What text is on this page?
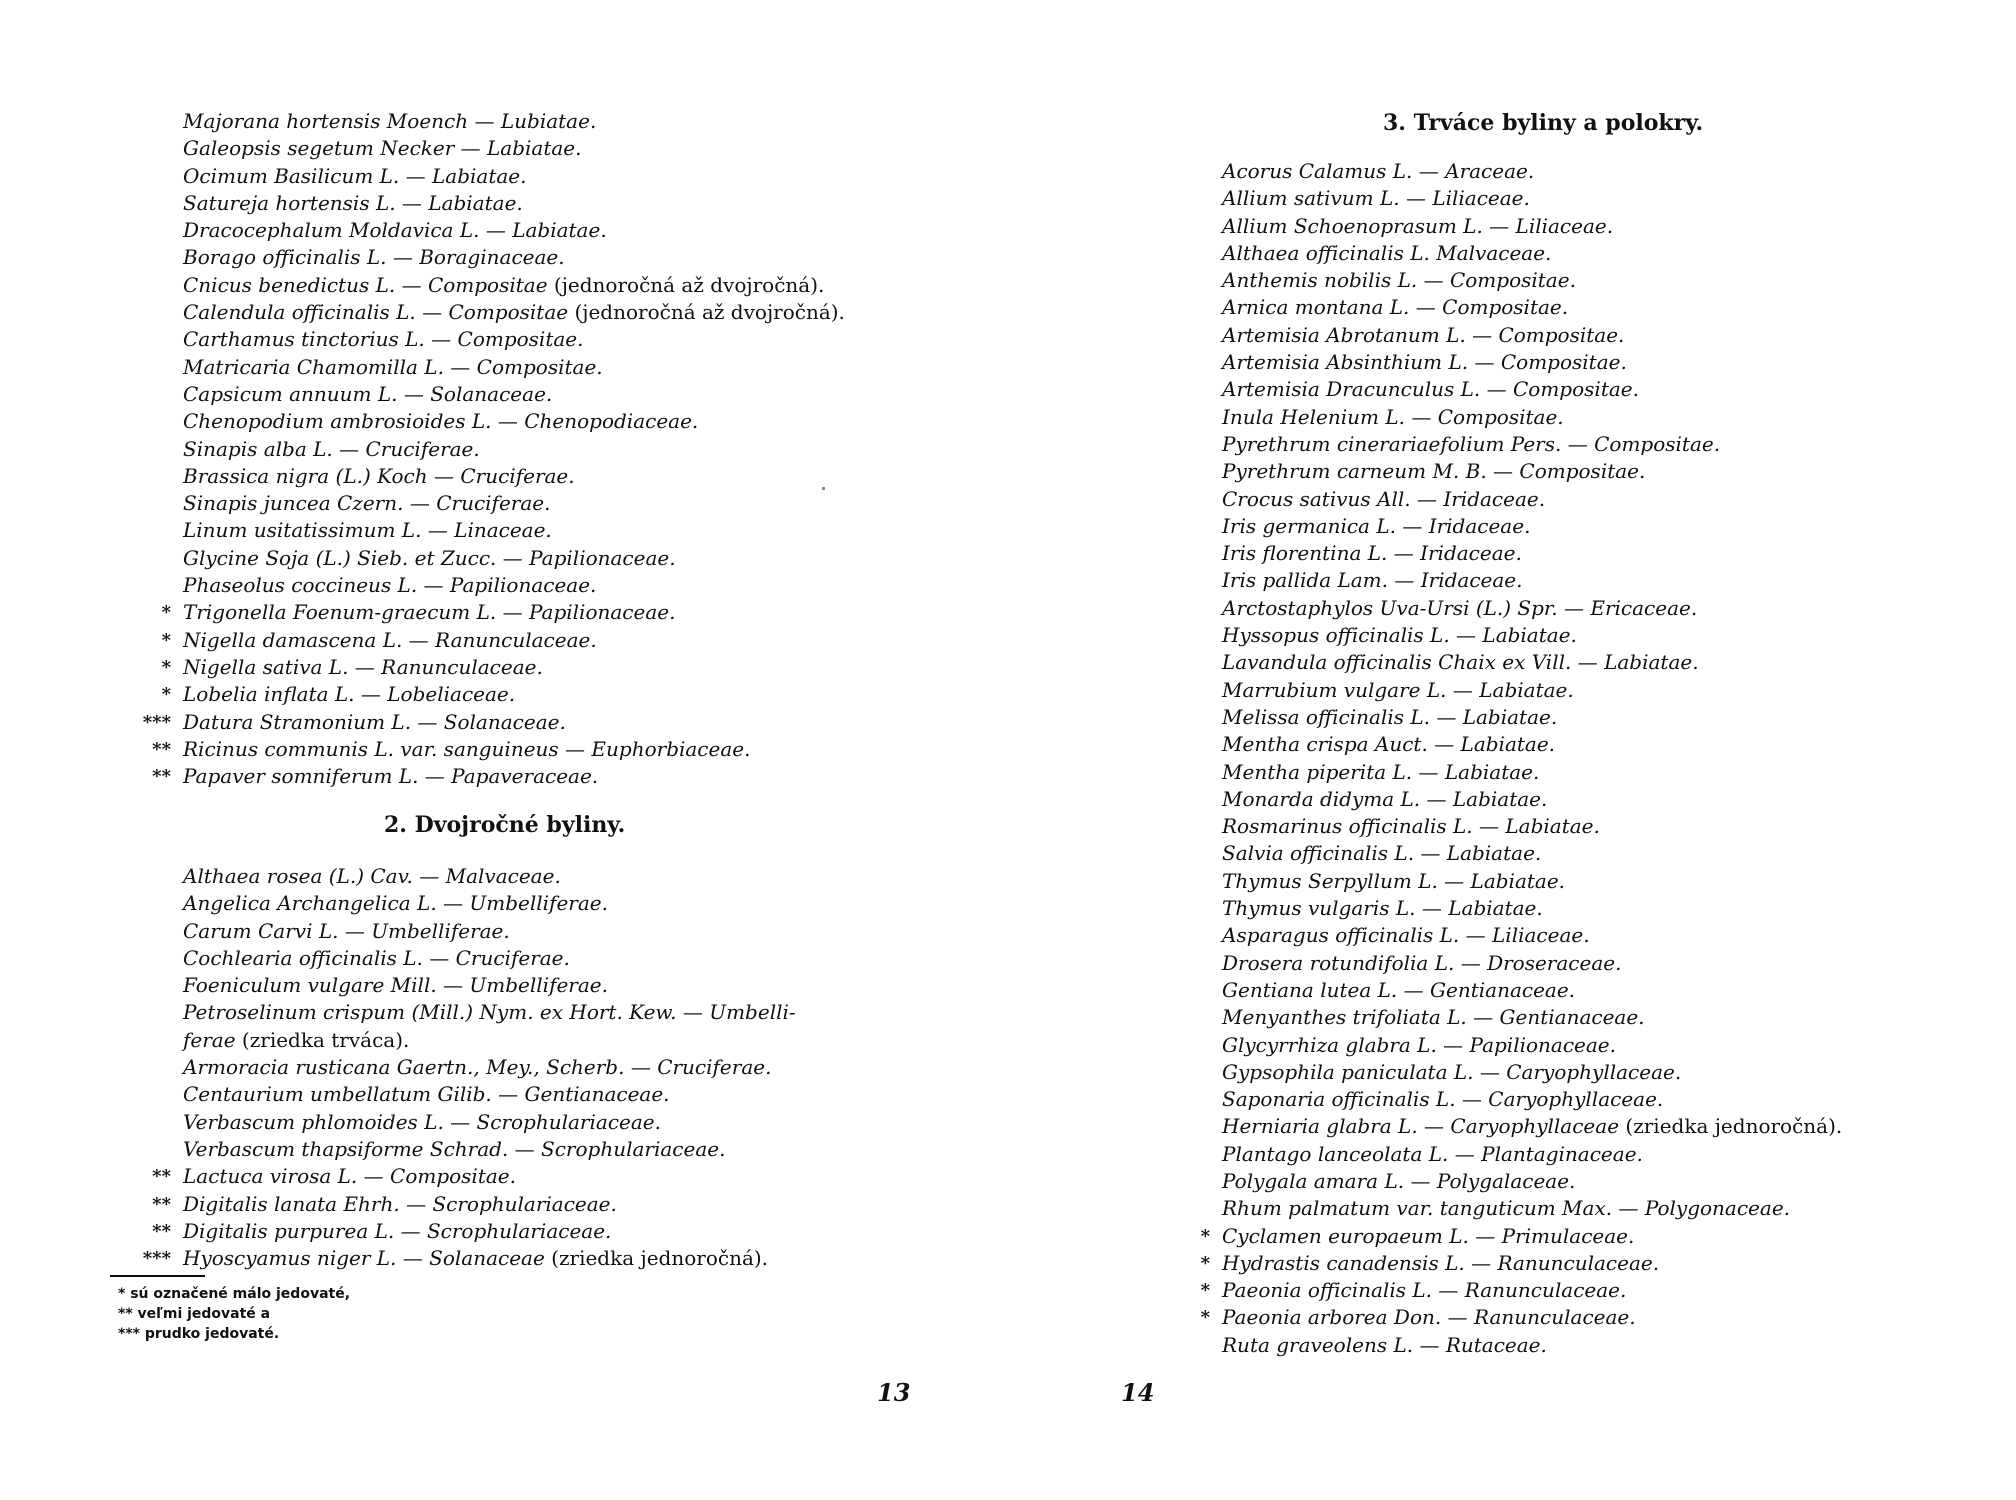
Majorana hortensis Moench — Lubiatae.
Galeopsis segetum Necker — Labiatae.
Ocimum Basilicum L. — Labiatae.
Satureja hortensis L. — Labiatae.
Dracocephalum Moldavica L. — Labiatae.
Borago officinalis L. — Boraginaceae.
Cnicus benedictus L. — Compositae (jednoročná až dvojročná).
Calendula officinalis L. — Compositae (jednoročná až dvojročná).
Carthamus tinctorius L. — Compositae.
Matricaria Chamomilla L. — Compositae.
Capsicum annuum L. — Solanaceae.
Chenopodium ambrosioides L. — Chenopodiaceae.
Sinapis alba L. — Cruciferae.
Brassica nigra (L.) Koch — Cruciferae.
Sinapis juncea Czern. — Cruciferae.
Linum usitatissimum L. — Linaceae.
Glycine Soja (L.) Sieb. et Zucc. — Papilionaceae.
Phaseolus coccineus L. — Papilionaceae.
* Trigonella Foenum-graecum L. — Papilionaceae.
* Nigella damascena L. — Ranunculaceae.
* Nigella sativa L. — Ranunculaceae.
* Lobelia inflata L. — Lobeliaceae.
*** Datura Stramonium L. — Solanaceae.
** Ricinus communis L. var. sanguineus — Euphorbiaceae.
** Papaver somniferum L. — Papaveraceae.
2. Dvojročné byliny.
Althaea rosea (L.) Cav. — Malvaceae.
Angelica Archangelica L. — Umbelliferae.
Carum Carvi L. — Umbelliferae.
Cochlearia officinalis L. — Cruciferae.
Foeniculum vulgare Mill. — Umbelliferae.
Petroselinum crispum (Mill.) Nym. ex Hort. Kew. — Umbelli-
ferae (zriedka trváca).
Armoracia rusticana Gaertn., Mey., Scherb. — Cruciferae.
Centaurium umbellatum Gilib. — Gentianaceae.
Verbascum phlomoides L. — Scrophulariaceae.
Verbascum thapsiforme Schrad. — Scrophulariaceae.
** Lactuca virosa L. — Compositae.
** Digitalis lanata Ehrh. — Scrophulariaceae.
** Digitalis purpurea L. — Scrophulariaceae.
*** Hyoscyamus niger L. — Solanaceae (zriedka jednoročná).
* sú označené málo jedovaté,
** veľmi jedovaté a
*** prudko jedovaté.
13
3. Trváce byliny a polokry.
Acorus Calamus L. — Araceae.
Allium sativum L. — Liliaceae.
Allium Schoenoprasum L. — Liliaceae.
Althaea officinalis L. Malvaceae.
Anthemis nobilis L. — Compositae.
Arnica montana L. — Compositae.
Artemisia Abrotanum L. — Compositae.
Artemisia Absinthium L. — Compositae.
Artemisia Dracunculus L. — Compositae.
Inula Helenium L. — Compositae.
Pyrethrum cinerariaefolium Pers. — Compositae.
Pyrethrum carneum M. B. — Compositae.
Crocus sativus All. — Iridaceae.
Iris germanica L. — Iridaceae.
Iris florentina L. — Iridaceae.
Iris pallida Lam. — Iridaceae.
Arctostaphylos Uva-Ursi (L.) Spr. — Ericaceae.
Hyssopus officinalis L. — Labiatae.
Lavandula officinalis Chaix ex Vill. — Labiatae.
Marrubium vulgare L. — Labiatae.
Melissa officinalis L. — Labiatae.
Mentha crispa Auct. — Labiatae.
Mentha piperita L. — Labiatae.
Monarda didyma L. — Labiatae.
Rosmarinus officinalis L. — Labiatae.
Salvia officinalis L. — Labiatae.
Thymus Serpyllum L. — Labiatae.
Thymus vulgaris L. — Labiatae.
Asparagus officinalis L. — Liliaceae.
Drosera rotundifolia L. — Droseraceae.
Gentiana lutea L. — Gentianaceae.
Menyanthes trifoliata L. — Gentianaceae.
Glycyrrhiza glabra L. — Papilionaceae.
Gypsophila paniculata L. — Caryophyllaceae.
Saponaria officinalis L. — Caryophyllaceae.
Herniaria glabra L. — Caryophyllaceae (zriedka jednoročná).
Plantago lanceolata L. — Plantaginaceae.
Polygala amara L. — Polygalaceae.
Rhum palmatum var. tanguticum Max. — Polygonaceae.
* Cyclamen europaeum L. — Primulaceae.
* Hydrastis canadensis L. — Ranunculaceae.
* Paeonia officinalis L. — Ranunculaceae.
* Paeonia arborea Don. — Ranunculaceae.
Ruta graveolens L. — Rutaceae.
14
